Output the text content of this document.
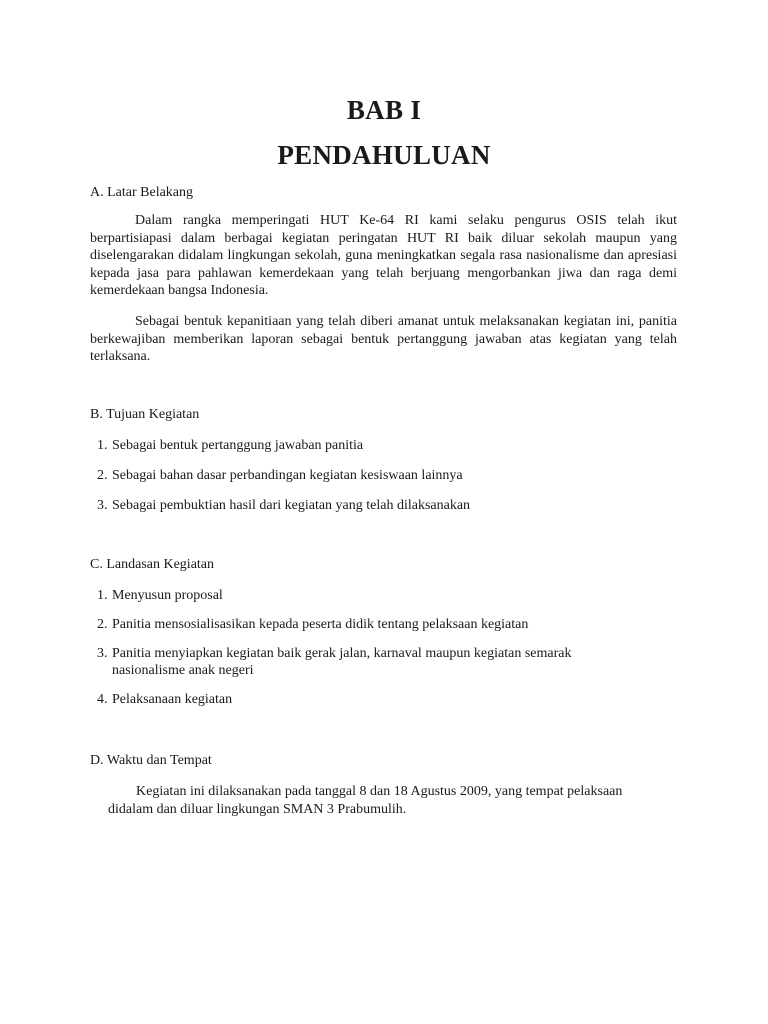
BAB I
PENDAHULUAN
A. Latar Belakang

Dalam rangka memperingati HUT Ke-64 RI kami selaku pengurus OSIS telah ikut berpartisiapasi dalam berbagai kegiatan peringatan HUT RI baik diluar sekolah maupun yang diselengarakan didalam lingkungan sekolah, guna meningkatkan segala rasa nasionalisme dan apresiasi kepada jasa para pahlawan kemerdekaan yang telah berjuang mengorbankan jiwa dan raga demi kemerdekaan bangsa Indonesia.

Sebagai bentuk kepanitiaan yang telah diberi amanat untuk melaksanakan kegiatan ini, panitia berkewajiban memberikan laporan sebagai bentuk pertanggung jawaban atas kegiatan yang telah terlaksana.

B. Tujuan Kegiatan
1. Sebagai bentuk pertanggung jawaban panitia
2. Sebagai bahan dasar perbandingan kegiatan kesiswaan lainnya
3. Sebagai pembuktian hasil dari kegiatan yang telah dilaksanakan
C. Landasan Kegiatan
1. Menyusun proposal
2. Panitia mensosialisasikan kepada peserta didik tentang pelaksaan kegiatan
3. Panitia menyiapkan kegiatan baik gerak jalan, karnaval maupun kegiatan semarak nasionalisme anak negeri
4. Pelaksanaan kegiatan
D. Waktu dan Tempat

Kegiatan ini dilaksanakan pada tanggal 8 dan 18 Agustus 2009, yang tempat pelaksaan didalam dan diluar lingkungan SMAN 3 Prabumulih.
